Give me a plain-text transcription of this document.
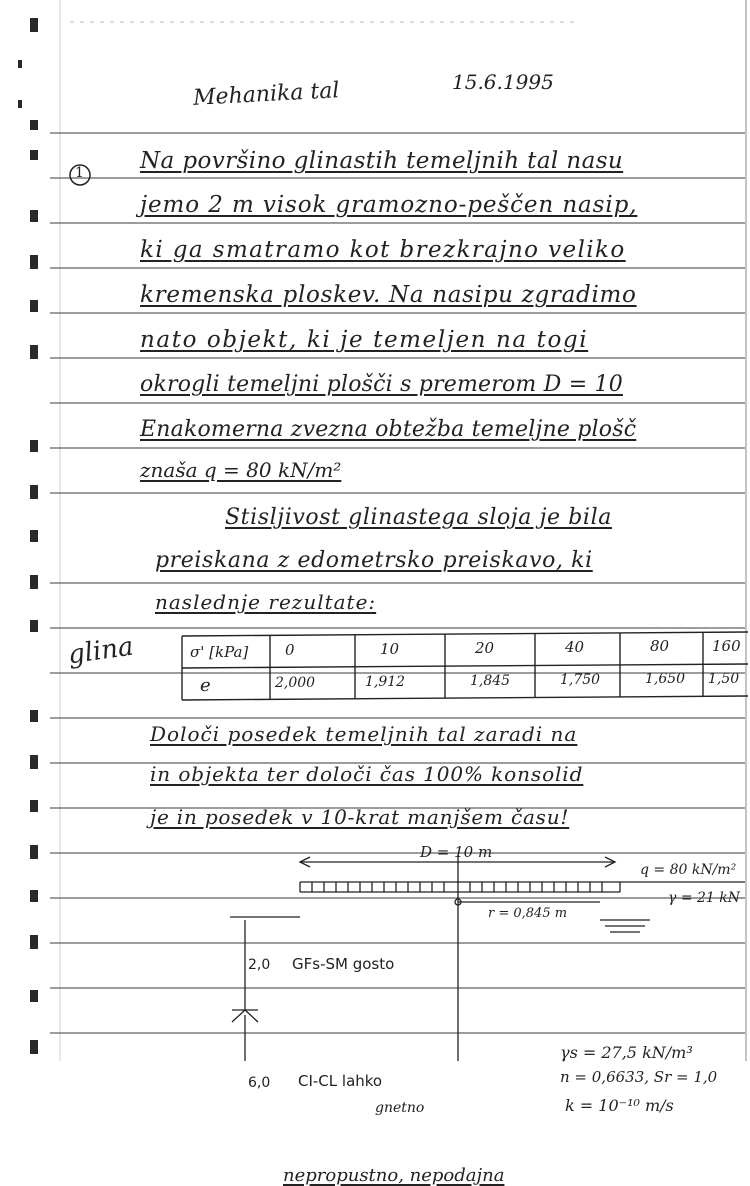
Mehanika tal	15.6.1995
1 Na površino glinastih temeljnih tal nasu
jemo 2 m visok gramozno-peščen nasip,
ki ga smatramo kot brezkrajno veliko
kremenska ploskev. Na nasipu zgradimo
nato objekt, ki je temeljen na togi
okrogli temeljni plošči s premerom D = 10
Enakomerna zvezna obtežba temeljne plošč
znaša q = 80 kN/m²
Stisljivost glinastega sloja je bila
preiskana z edometrsko preiskavo, ki
naslednje rezultate:
glina	σ' [kPa] 0	10	20	40	80	160
e	2,000	1,912	1,845	1,750	1,650 1,50
Določi posedek temeljnih tal zaradi na
in objekta ter določi čas 100% konsolid
je in posedek v 10-krat manjšem času!
D = 10 m
q = 80 kN/m²
r = 0,845 m
γ = 21 kN
2,0 GFs-SM gosto
6,0 CI-CL lahko
gnetno
γs = 27,5 kN/m³
n = 0,6633, Sr = 1,0
k = 10⁻¹⁰ m/s
nepropustno, nepodajna
